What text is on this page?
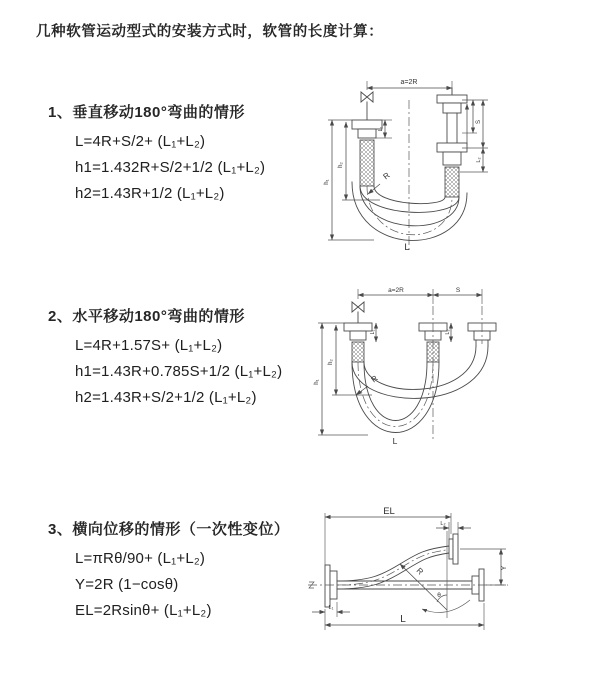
几种软管运动型式的安装方式时，软管的长度计算：
1、垂直移动180°弯曲的情形
L=4R+S/2+ (L₁+L₂)
h1=1.432R+S/2+1/2 (L₁+L₂)
h2=1.43R+1/2 (L₁+L₂)
2、水平移动180°弯曲的情形
L=4R+1.57S+ (L₁+L₂)
h1=1.43R+0.785S+1/2 (L₁+L₂)
h2=1.43R+S/2+1/2 (L₁+L₂)
3、横向位移的情形（一次性变位）
L=πRθ/90+ (L₁+L₂)
Y=2R (1−cosθ)
EL=2Rsinθ+ (L₁+L₂)
a=2R
L₁
S
L₂
h₁
h₂
R
L
a=2R	S
L₁	L₂
h₁
h₂
R
L
EL
L₂
R
θ
Y
L
L₁
